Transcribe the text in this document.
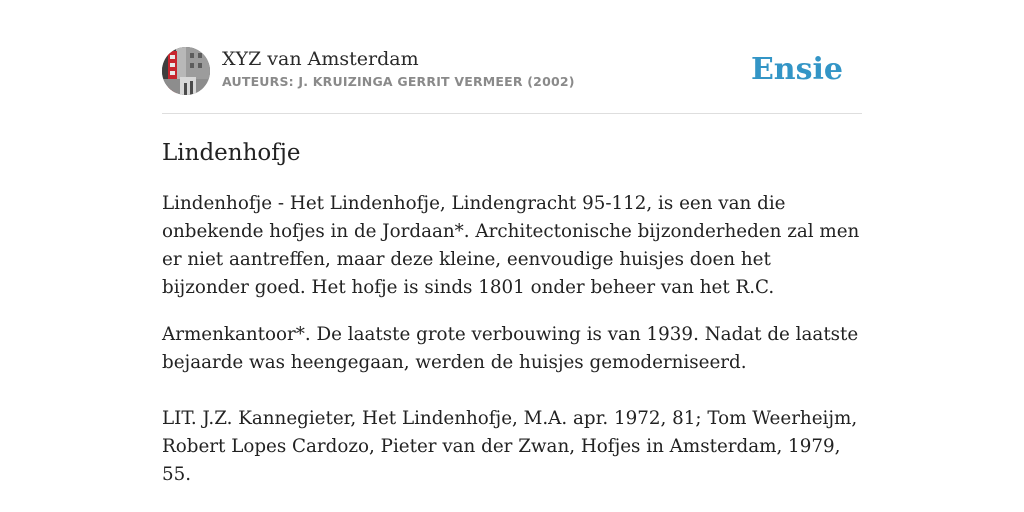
XYZ van Amsterdam
AUTEURS: J. KRUIZINGA GERRIT VERMEER (2002)	Ensie
Lindenhofje

Lindenhofje - Het Lindenhofje, Lindengracht 95-112, is een van die onbekende hofjes in de Jordaan*. Architectonische bijzonderheden zal men er niet aantreffen, maar deze kleine, eenvoudige huisjes doen het bijzonder goed. Het hofje is sinds 1801 onder beheer van het R.C.

Armenkantoor*. De laatste grote verbouwing is van 1939. Nadat de laatste bejaarde was heengegaan, werden de huisjes gemoderniseerd.

LIT. J.Z. Kannegieter, Het Lindenhofje, M.A. apr. 1972, 81; Tom Weerheijm, Robert Lopes Cardozo, Pieter van der Zwan, Hofjes in Amsterdam, 1979, 55.
